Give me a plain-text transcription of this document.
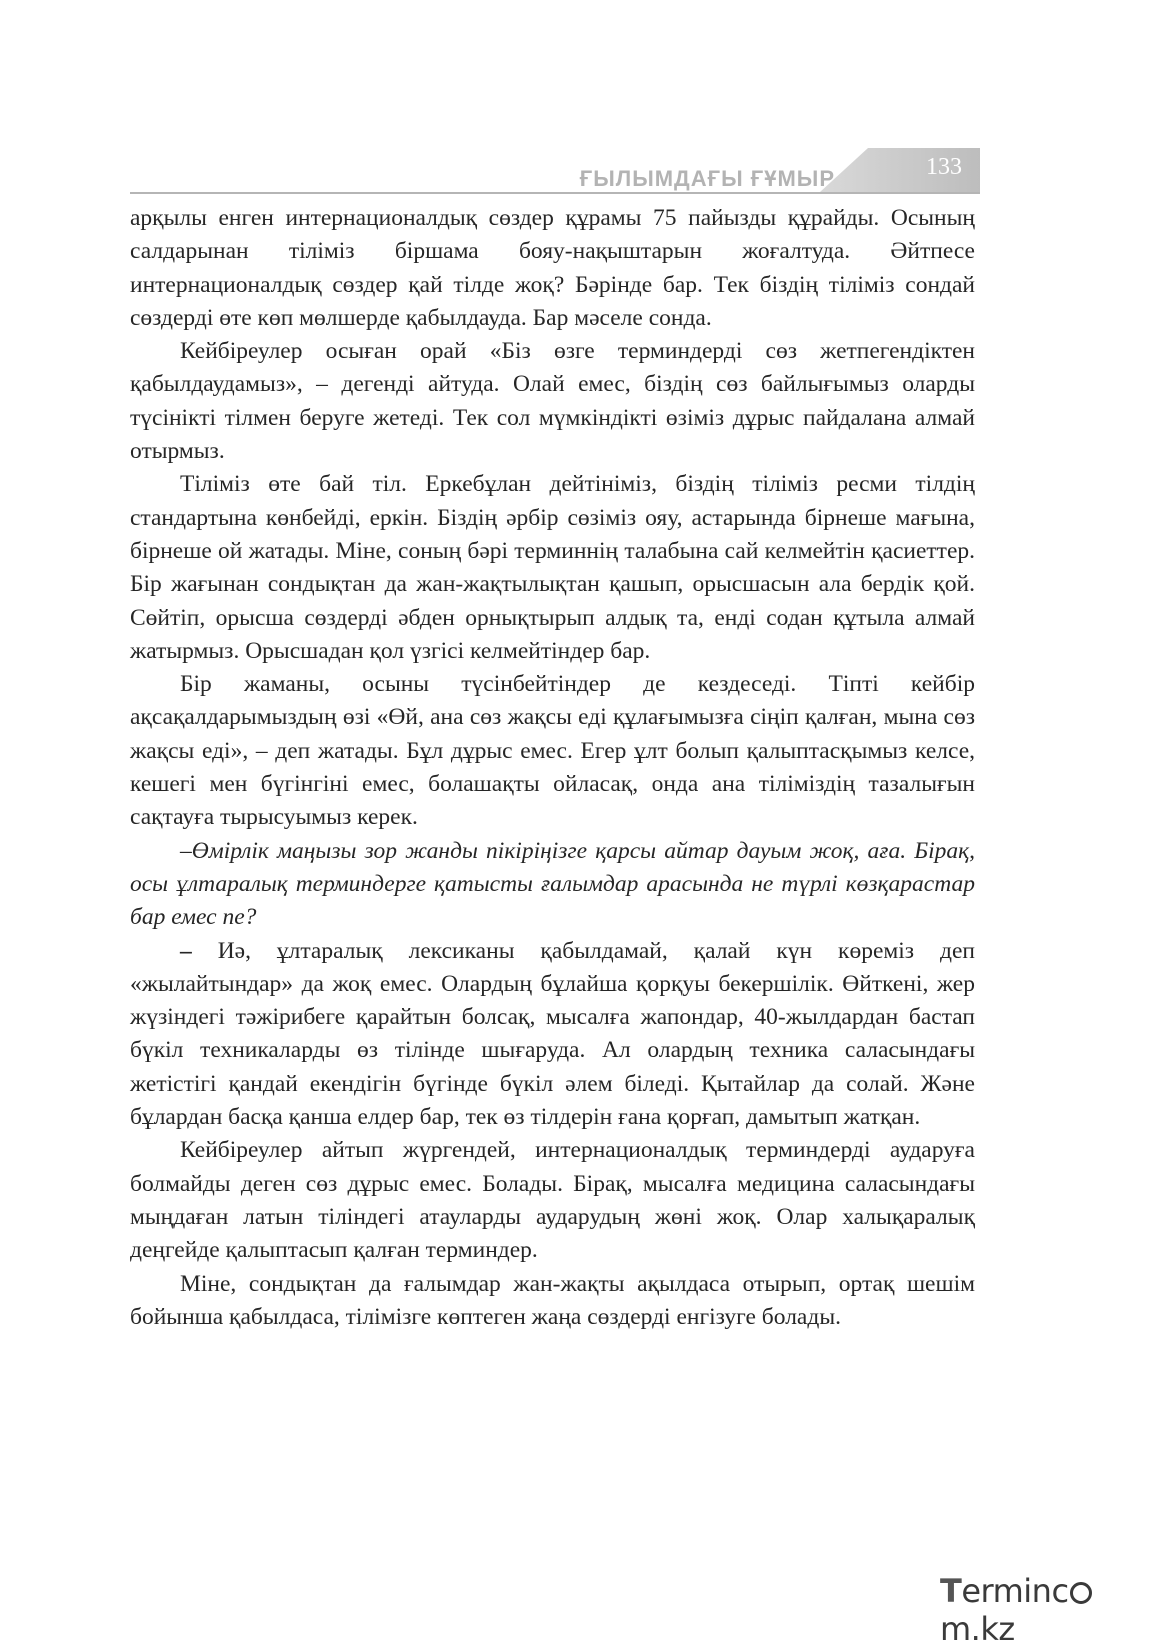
ҒЫЛЫМДАҒЫ ҒҰМЫР	133

арқылы енген интернационалдық сөздер құрамы 75 пайызды құрайды. Осының салдарынан тіліміз біршама бояу-нақыштарын жоғалтуда. Әйтпесе интернационалдық сөздер қай тілде жоқ? Бәрінде бар. Тек біздің тіліміз сондай сөздерді өте көп мөлшерде қабылдауда. Бар мәселе сонда.

Кейбіреулер осыған орай «Біз өзге терминдерді сөз жетпегендіктен қабылдаудамыз», – дегенді айтуда. Олай емес, біздің сөз байлығымыз оларды түсінікті тілмен беруге жетеді. Тек сол мүмкіндікті өзіміз дұрыс пайдалана алмай отырмыз.

Тіліміз өте бай тіл. Еркебұлан дейтініміз, біздің тіліміз ресми тілдің стандартына көнбейді, еркін. Біздің әрбір сөзіміз ояу, астарында бірнеше мағына, бірнеше ой жатады. Міне, соның бәрі терминнің талабына сай келмейтін қасиеттер. Бір жағынан сондықтан да жан-жақтылықтан қашып, орысшасын ала бердік қой. Сөйтіп, орысша сөздерді әбден орнықтырып алдық та, енді содан құтыла алмай жатырмыз. Орысшадан қол үзгісі келмейтіндер бар.

Бір жаманы, осыны түсінбейтіндер де кездеседі. Тіпті кейбір ақсақалдарымыздың өзі «Өй, ана сөз жақсы еді құлағымызға сіңіп қалған, мына сөз жақсы еді», – деп жатады. Бұл дұрыс емес. Егер ұлт болып қалыптасқымыз келсе, кешегі мен бүгінгіні емес, болашақты ойласақ, онда ана тіліміздің тазалығын сақтауға тырысуымыз керек.

–Өмірлік маңызы зор жанды пікіріңізге қарсы айтар дауым жоқ, аға. Бірақ, осы ұлтаралық терминдерге қатысты ғалымдар арасында не түрлі көзқарастар бар емес пе?

– Иә, ұлтаралық лексиканы қабылдамай, қалай күн көреміз деп «жылайтындар» да жоқ емес. Олардың бұлайша қорқуы бекершілік. Өйткені, жер жүзіндегі тәжірибеге қарайтын болсақ, мысалға жапондар, 40-жылдардан бастап бүкіл техникаларды өз тілінде шығаруда. Ал олардың техника саласындағы жетістігі қандай екендігін бүгінде бүкіл әлем біледі. Қытайлар да солай. Және бұлардан басқа қанша елдер бар, тек өз тілдерін ғана қорғап, дамытып жатқан.

Кейбіреулер айтып жүргендей, интернационалдық терминдерді аударуға болмайды деген сөз дұрыс емес. Болады. Бірақ, мысалға медицина саласындағы мыңдаған латын тіліндегі атауларды аударудың жөні жоқ. Олар халықаралық деңгейде қалыптасып қалған терминдер.

Міне, сондықтан да ғалымдар жан-жақты ақылдаса отырып, ортақ шешім бойынша қабылдаса, тілімізге көптеген жаңа сөздерді енгізуге болады.

Termincm.kz
